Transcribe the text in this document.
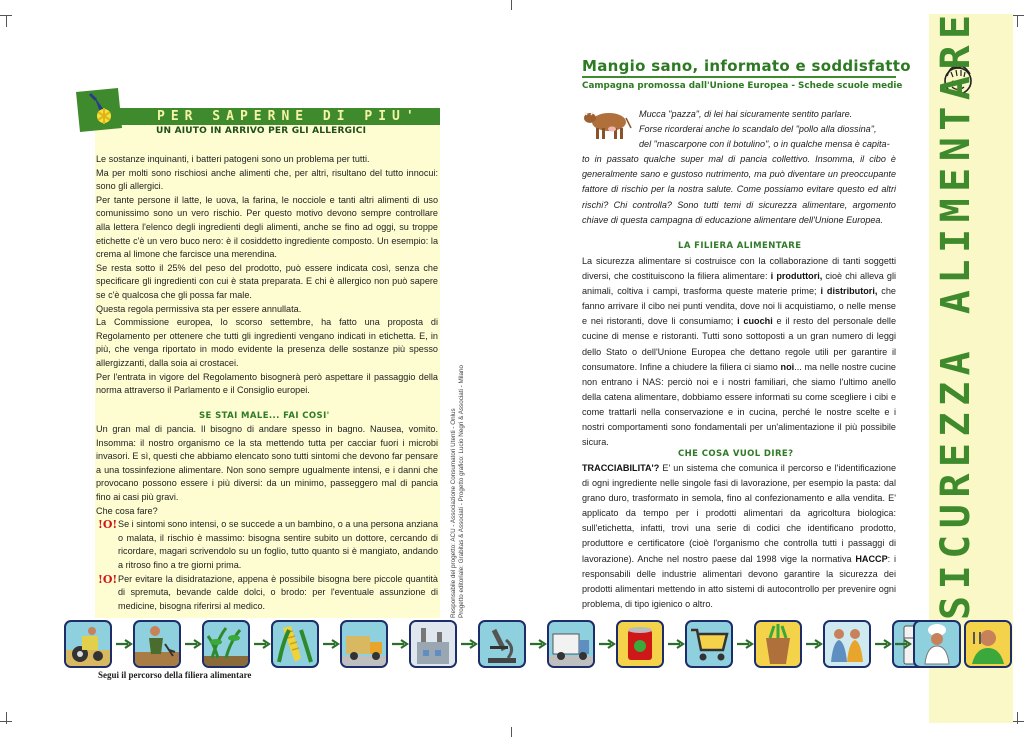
PER SAPERNE DI PIU'
UN AIUTO IN ARRIVO PER GLI ALLERGICI

Le sostanze inquinanti, i batteri patogeni sono un problema per tutti.

Ma per molti sono rischiosi anche alimenti che, per altri, risultano del tutto innocui: sono gli allergici.

Per tante persone il latte, le uova, la farina, le nocciole e tanti altri alimenti di uso comunissimo sono un vero rischio. Per questo motivo devono sempre controllare alla lettera l'elenco degli ingredienti degli alimenti, anche se fino ad oggi, su troppe etichette c'è un vero buco nero: è il cosiddetto ingrediente composto. Un esempio: la crema al limone che farcisce una merendina.

Se resta sotto il 25% del peso del prodotto, può essere indicata così, senza che specificare gli ingredienti con cui è stata preparata. E chi è allergico non può sapere se c'è qualcosa che gli possa far male.

Questa regola permissiva sta per essere annullata.

La Commissione europea, lo scorso settembre, ha fatto una proposta di Regolamento per ottenere che tutti gli ingredienti vengano indicati in etichetta. E, in più, che venga riportato in modo evidente la presenza delle sostanze più spesso allergizzanti, dalla soia ai crostacei.

Per l'entrata in vigore del Regolamento bisognerà però aspettare il passaggio della norma attraverso il Parlamento e il Consiglio europei.

SE STAI MALE... FAI COSI'

Un gran mal di pancia. Il bisogno di andare spesso in bagno. Nausea, vomito. Insomma: il nostro organismo ce la sta mettendo tutta per cacciar fuori i microbi invasori. E sì, questi che abbiamo elencato sono tutti sintomi che devono far pensare a una tossinfezione alimentare. Non sono sempre ugualmente intensi, e i danni che provocano possono essere i più diversi: da un minimo, passeggero mal di pancia fino ai casi più gravi.

Che cosa fare?

!O! Se i sintomi sono intensi, o se succede a un bambino, o a una persona anziana o malata, il rischio è massimo: bisogna sentire subito un dottore, cercando di ricordare, magari scrivendolo su un foglio, tutto quanto si è mangiato, andando a ritroso fino a tre giorni prima.

!O! Per evitare la disidratazione, appena è possibile bisogna bere piccole quantità di spremuta, bevande calde dolci, o brodo: per l'eventuale assunzione di medicine, bisogna riferirsi al medico.	Responsabile del progetto: ACU - Associazione Consumatori Utenti - Onlus Progetto editoriale: Grabitas & Associati - Progetto grafico: Lucio Negri & Associati - Milano
Mangio sano, informato e soddisfatto
Campagna promossa dall'Unione Europea - Schede scuole medie
Mucca "pazza", di lei hai sicuramente sentito parlare.
Forse ricorderai anche lo scandalo del "pollo alla diossina",
del "mascarpone con il botulino", o in qualche mensa è capita-
to in passato qualche super mal di pancia collettivo. Insomma, il cibo è generalmente sano e gustoso nutrimento, ma può diventare un preoccupante fattore di rischio per la nostra salute. Come possiamo evitare questo ed altri rischi? Chi controlla? Sono tutti temi di sicurezza alimentare, argomento chiave di questa campagna di educazione alimentare dell'Unione Europea.
LA FILIERA ALIMENTARE
La sicurezza alimentare si costruisce con la collaborazione di tanti soggetti diversi, che costituiscono la filiera alimentare: i produttori, cioè chi alleva gli animali, coltiva i campi, trasforma queste materie prime; i distributori, che fanno arrivare il cibo nei punti vendita, dove noi li acquistiamo, o nelle mense e nei ristoranti, dove li consumiamo; i cuochi e il resto del personale delle cucine di mense e ristoranti. Tutti sono sottoposti a un gran numero di leggi dello Stato o dell'Unione Europea che dettano regole utili per garantire il consumatore. Infine a chiudere la filiera ci siamo noi... ma nelle nostre cucine non entrano i NAS: perciò noi e i nostri familiari, che siamo l'ultimo anello della catena alimentare, dobbiamo essere informati su come scegliere i cibi e come trattarli nella conservazione e in cucina, perché le nostre scelte e i nostri comportamenti sono fondamentali per un'alimentazione il più possibile sicura.
CHE COSA VUOL DIRE?
TRACCIABILITA'? E' un sistema che comunica il percorso e l'identificazione di ogni ingrediente nelle singole fasi di lavorazione, per esempio la pasta: dal grano duro, trasformato in semola, fino al confezionamento e alla vendita. E' applicato da tempo per i prodotti alimentari da agricoltura biologica: sull'etichetta, infatti, trovi una serie di codici che identificano prodotto, produttore e certificatore (cioè l'organismo che controlla tutti i passaggi di lavorazione). Anche nel nostro paese dal 1998 vige la normativa HACCP: i responsabili delle industrie alimentari devono garantire la sicurezza dei prodotti alimentari mettendo in atto sistemi di autocontrollo per prevenire ogni problema, di tipo igienico o altro.	SICUREZZA ALIMENTARE
Segui il percorso della filiera alimentare
